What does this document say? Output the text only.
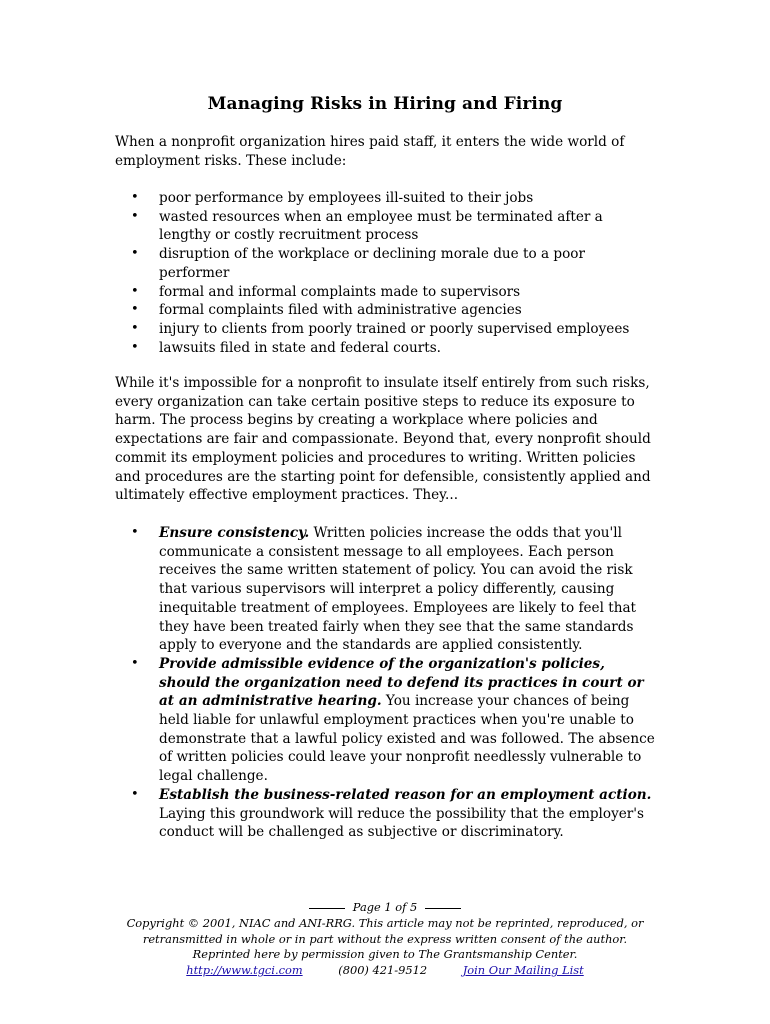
Managing Risks in Hiring and Firing
When a nonprofit organization hires paid staff, it enters the wide world of employment risks. These include:
• poor performance by employees ill-suited to their jobs
• wasted resources when an employee must be terminated after a lengthy or costly recruitment process
• disruption of the workplace or declining morale due to a poor performer
• formal and informal complaints made to supervisors
• formal complaints filed with administrative agencies
• injury to clients from poorly trained or poorly supervised employees
• lawsuits filed in state and federal courts.
While it's impossible for a nonprofit to insulate itself entirely from such risks, every organization can take certain positive steps to reduce its exposure to harm. The process begins by creating a workplace where policies and expectations are fair and compassionate. Beyond that, every nonprofit should commit its employment policies and procedures to writing. Written policies and procedures are the starting point for defensible, consistently applied and ultimately effective employment practices. They...
• Ensure consistency. Written policies increase the odds that you'll communicate a consistent message to all employees. Each person receives the same written statement of policy. You can avoid the risk that various supervisors will interpret a policy differently, causing inequitable treatment of employees. Employees are likely to feel that they have been treated fairly when they see that the same standards apply to everyone and the standards are applied consistently.
• Provide admissible evidence of the organization's policies, should the organization need to defend its practices in court or at an administrative hearing. You increase your chances of being held liable for unlawful employment practices when you're unable to demonstrate that a lawful policy existed and was followed. The absence of written policies could leave your nonprofit needlessly vulnerable to legal challenge.
• Establish the business-related reason for an employment action. Laying this groundwork will reduce the possibility that the employer's conduct will be challenged as subjective or discriminatory.
Page 1 of 5
Copyright © 2001, NIAC and ANI-RRG. This article may not be reprinted, reproduced, or
retransmitted in whole or in part without the express written consent of the author.
Reprinted here by permission given to The Grantsmanship Center.
http://www.tgci.com	(800) 421-9512	Join Our Mailing List
